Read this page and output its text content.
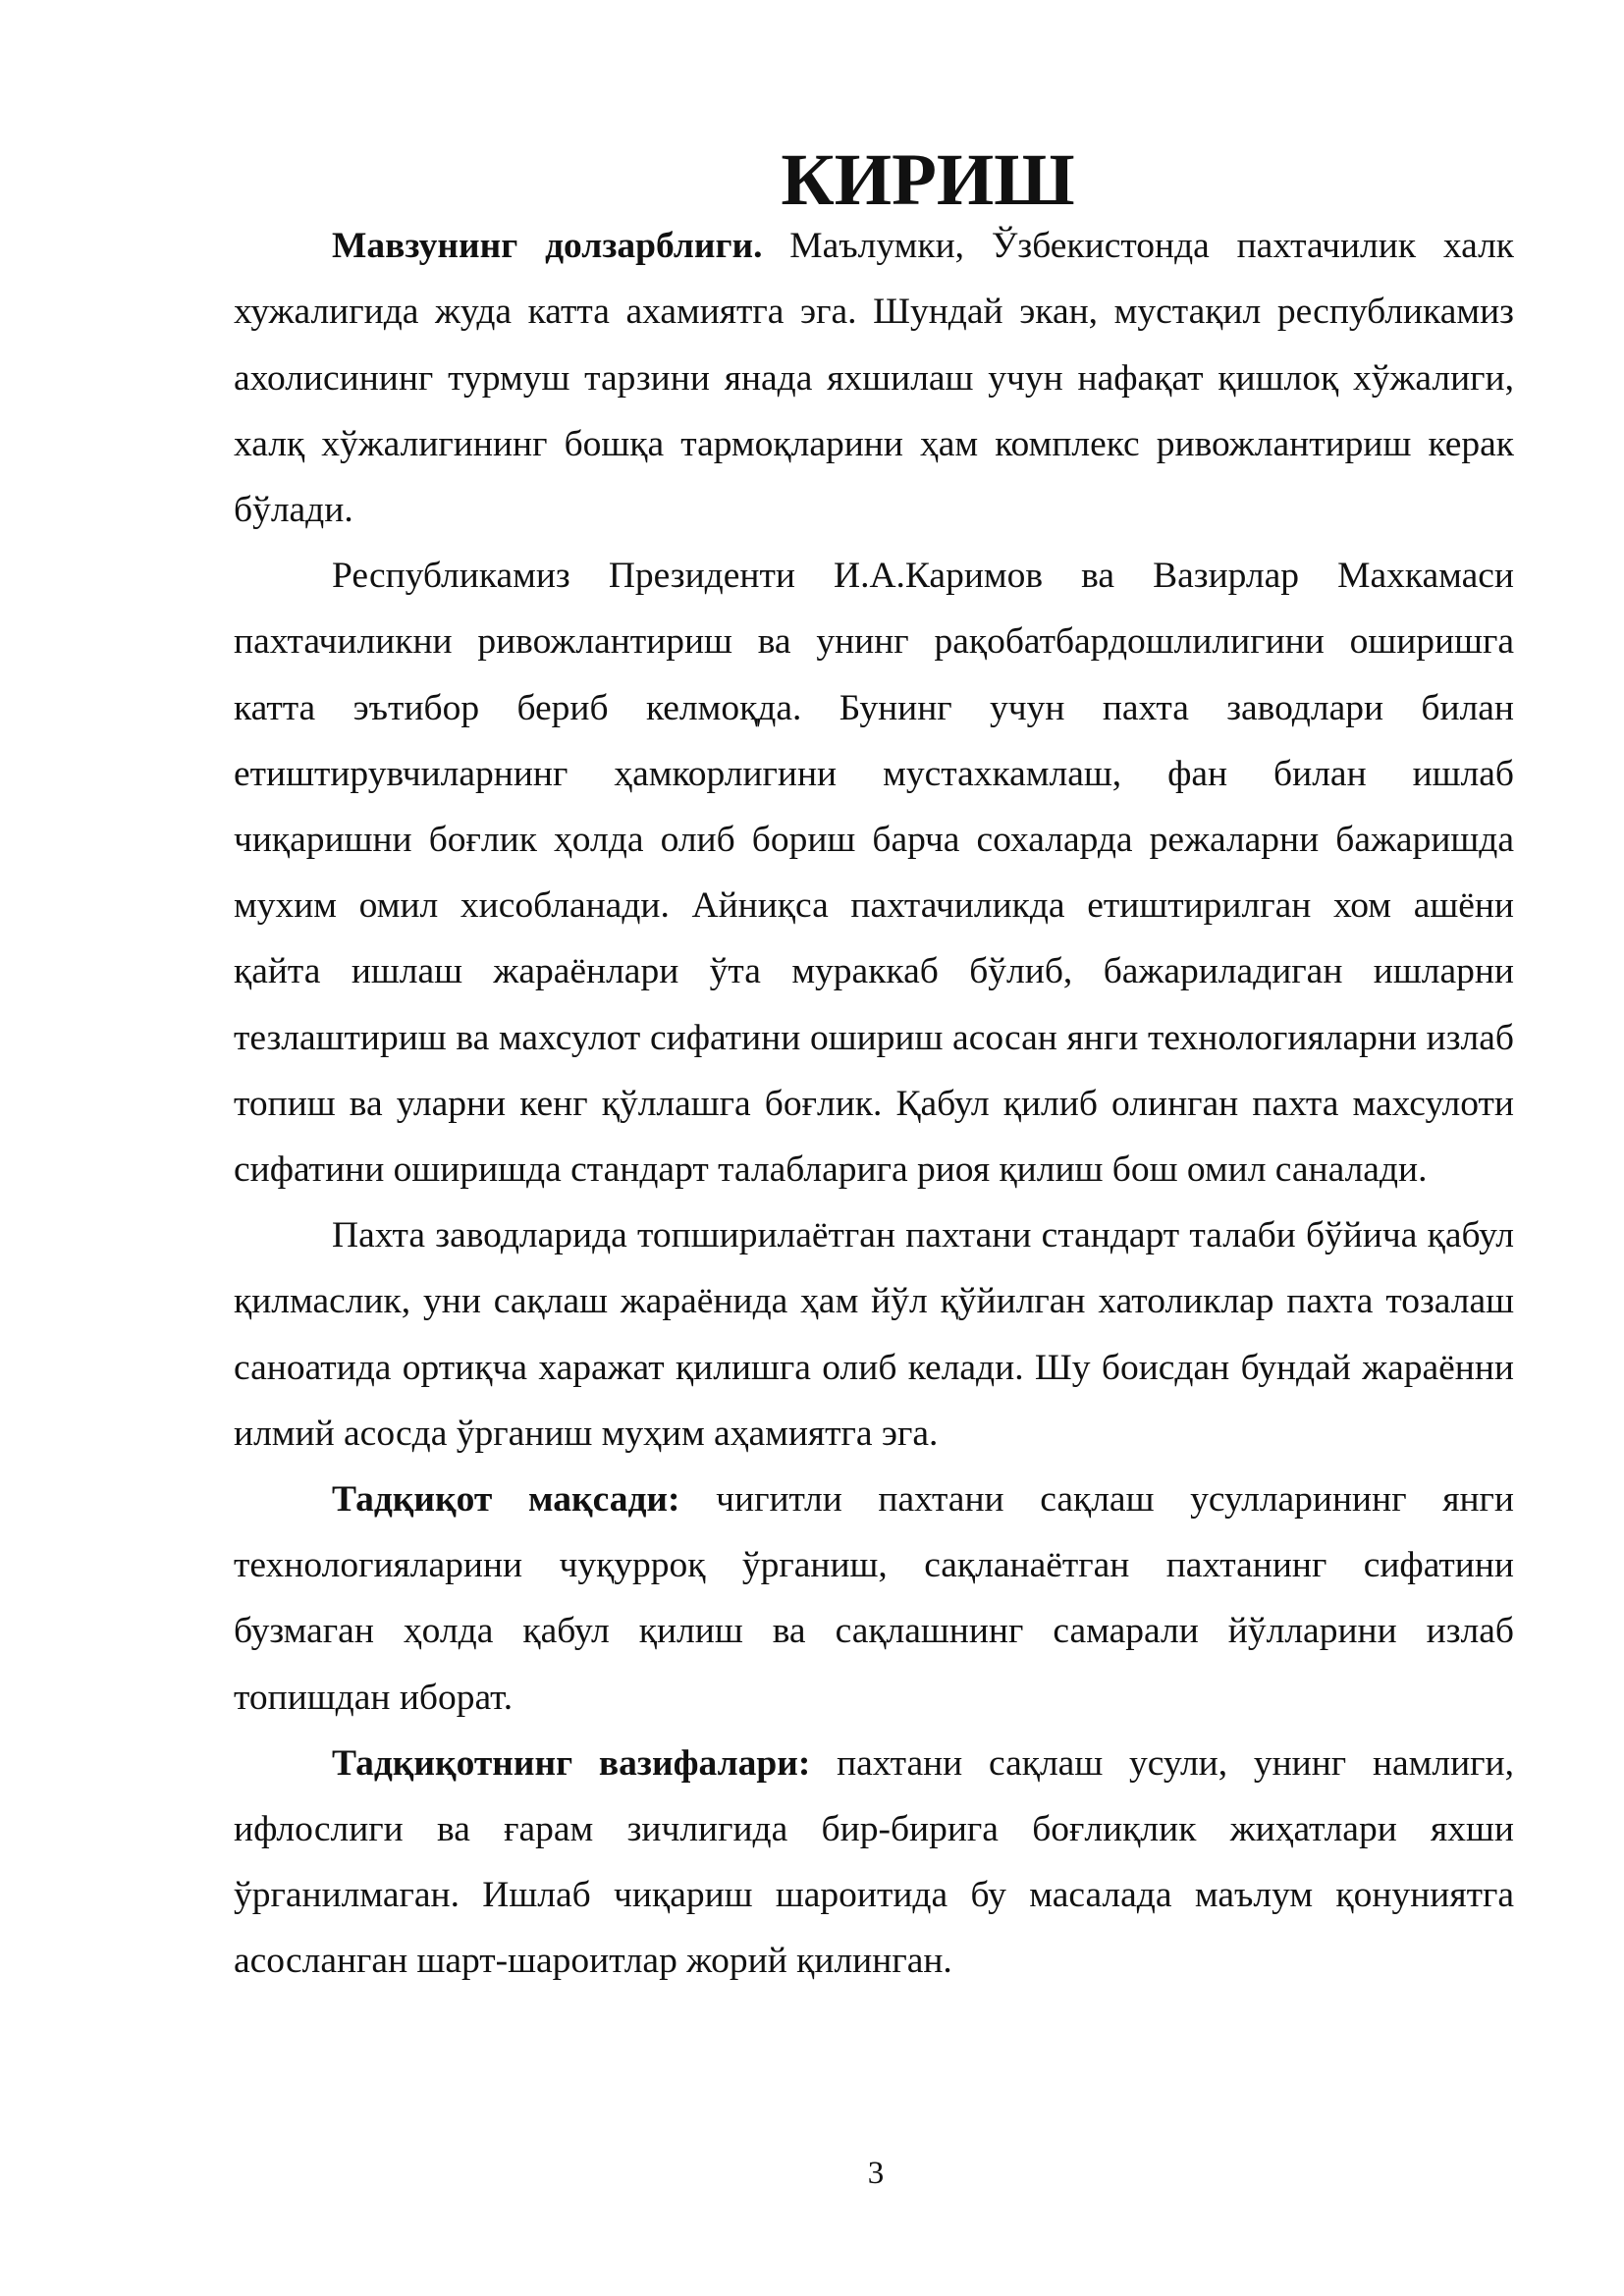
КИРИШ

Мавзунинг долзарблиги. Маълумки, Ўзбекистонда пахтачилик халк хужалигида жуда катта ахамиятга эга. Шундай экан, мустақил республикамиз ахолисининг турмуш тарзини янада яхшилаш учун нафақат қишлоқ хўжалиги, халқ хўжалигининг бошқа тармоқларини ҳам комплекс ривожлантириш керак бўлади.

Республикамиз Президенти И.А.Каримов ва Вазирлар Махкамаси пахтачиликни ривожлантириш ва унинг рақобатбардошлилигини оширишга катта эътибор бериб келмоқда. Бунинг учун пахта заводлари билан етиштирувчиларнинг ҳамкорлигини мустахкамлаш, фан билан ишлаб чиқаришни боғлик ҳолда олиб бориш барча сохаларда режаларни бажаришда мухим омил хисобланади. Айниқса пахтачиликда етиштирилган хом ашёни қайта ишлаш жараёнлари ўта мураккаб бўлиб, бажариладиган ишларни тезлаштириш ва махсулот сифатини ошириш асосан янги технологияларни излаб топиш ва уларни кенг қўллашга боғлик. Қабул қилиб олинган пахта махсулоти сифатини оширишда стандарт талабларига риоя қилиш бош омил саналади.

Пахта заводларида топширилаётган пахтани стандарт талаби бўйича қабул қилмаслик, уни сақлаш жараёнида ҳам йўл қўйилган хатоликлар пахта тозалаш саноатида ортиқча харажат қилишга олиб келади. Шу боисдан бундай жараённи илмий асосда ўрганиш муҳим аҳамиятга эга.

Тадқиқот мақсади: чигитли пахтани сақлаш усулларининг янги технологияларини чуқурроқ ўрганиш, сақланаётган пахтанинг сифатини бузмаган ҳолда қабул қилиш ва сақлашнинг самарали йўлларини излаб топишдан иборат.

Тадқиқотнинг вазифалари: пахтани сақлаш усули, унинг намлиги, ифлослиги ва ғарам зичлигида бир-бирига боғлиқлик жиҳатлари яхши ўрганилмаган. Ишлаб чиқариш шароитида бу масалада маълум қонуниятга асосланган шарт-шароитлар жорий қилинган.

3
